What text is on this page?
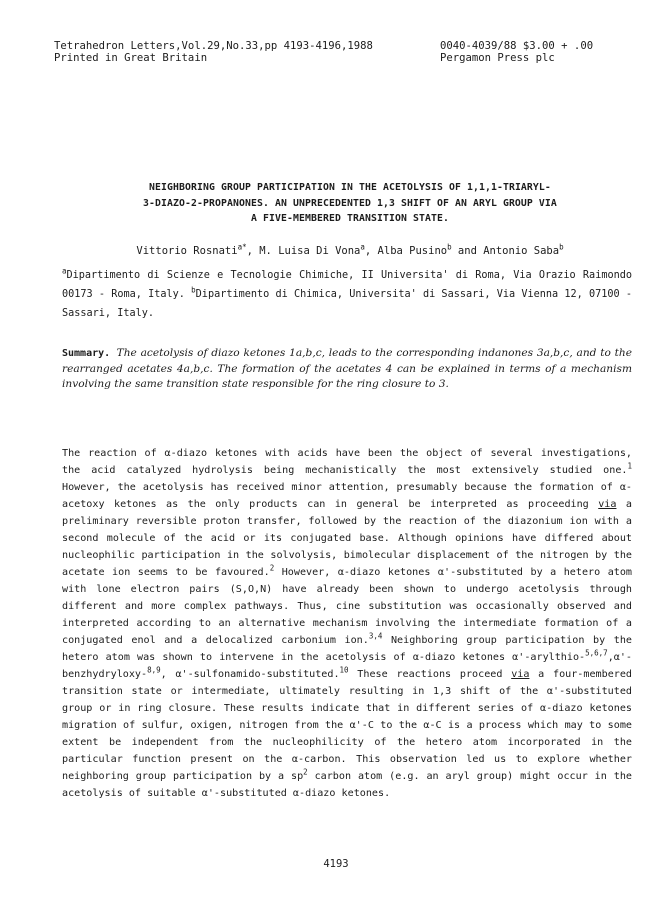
Tetrahedron Letters,Vol.29,No.33,pp 4193-4196,1988
Printed in Great Britain
0040-4039/88 $3.00 + .00
Pergamon Press plc
NEIGHBORING GROUP PARTICIPATION IN THE ACETOLYSIS OF 1,1,1-TRIARYL-
3-DIAZO-2-PROPANONES. AN UNPRECEDENTED 1,3 SHIFT OF AN ARYL GROUP VIA
A FIVE-MEMBERED TRANSITION STATE.
Vittorio Rosnati$^{a*}$, M. Luisa Di Vona$^a$, Alba Pusino$^b$ and Antonio Saba$^b$
$^a$Dipartimento di Scienze e Tecnologie Chimiche, II Universita' di Roma, Via Orazio Raimondo 00173 - Roma, Italy. $^b$Dipartimento di Chimica, Universita' di Sassari, Via Vienna 12, 07100 - Sassari, Italy.
Summary. The acetolysis of diazo ketones 1a,b,c, leads to the corresponding indanones 3a,b,c, and to the rearranged acetates 4a,b,c. The formation of the acetates 4 can be explained in terms of a mechanism involving the same transition state responsible for the ring closure to 3.

The reaction of α-diazo ketones with acids have been the object of several investigations, the acid catalyzed hydrolysis being mechanistically the most extensively studied one.$^1$ However, the acetolysis has received minor attention, presumably because the formation of α-acetoxy ketones as the only products can in general be interpreted as proceeding via a preliminary reversible proton transfer, followed by the reaction of the diazonium ion with a second molecule of the acid or its conjugated base. Although opinions have differed about nucleophilic participation in the solvolysis, bimolecular displacement of the nitrogen by the acetate ion seems to be favoured.$^2$ However, α-diazo ketones α'-substituted by a hetero atom with lone electron pairs (S,O,N) have already been shown to undergo acetolysis through different and more complex pathways. Thus, cine substitution was occasionally observed and interpreted according to an alternative mechanism involving the intermediate formation of a conjugated enol and a delocalized carbonium ion.$^{3,4}$ Neighboring group participation by the hetero atom was shown to intervene in the acetolysis of α-diazo ketones α'-arylthio-$^{5,6,7}$,α'-benzhydryloxy-$^{8,9}$, α'-sulfonamido-substituted.$^{10}$ These reactions proceed via a four-membered transition state or intermediate, ultimately resulting in 1,3 shift of the α'-substituted group or in ring closure. These results indicate that in different series of α-diazo ketones migration of sulfur, oxigen, nitrogen from the α'-C to the α-C is a process which may to some extent be independent from the nucleophilicity of the hetero atom incorporated in the particular function present on the α-carbon. This observation led us to explore whether neighboring group participation by a $sp^2$ carbon atom (e.g. an aryl group) might occur in the acetolysis of suitable α'-substituted α-diazo ketones.

4193
